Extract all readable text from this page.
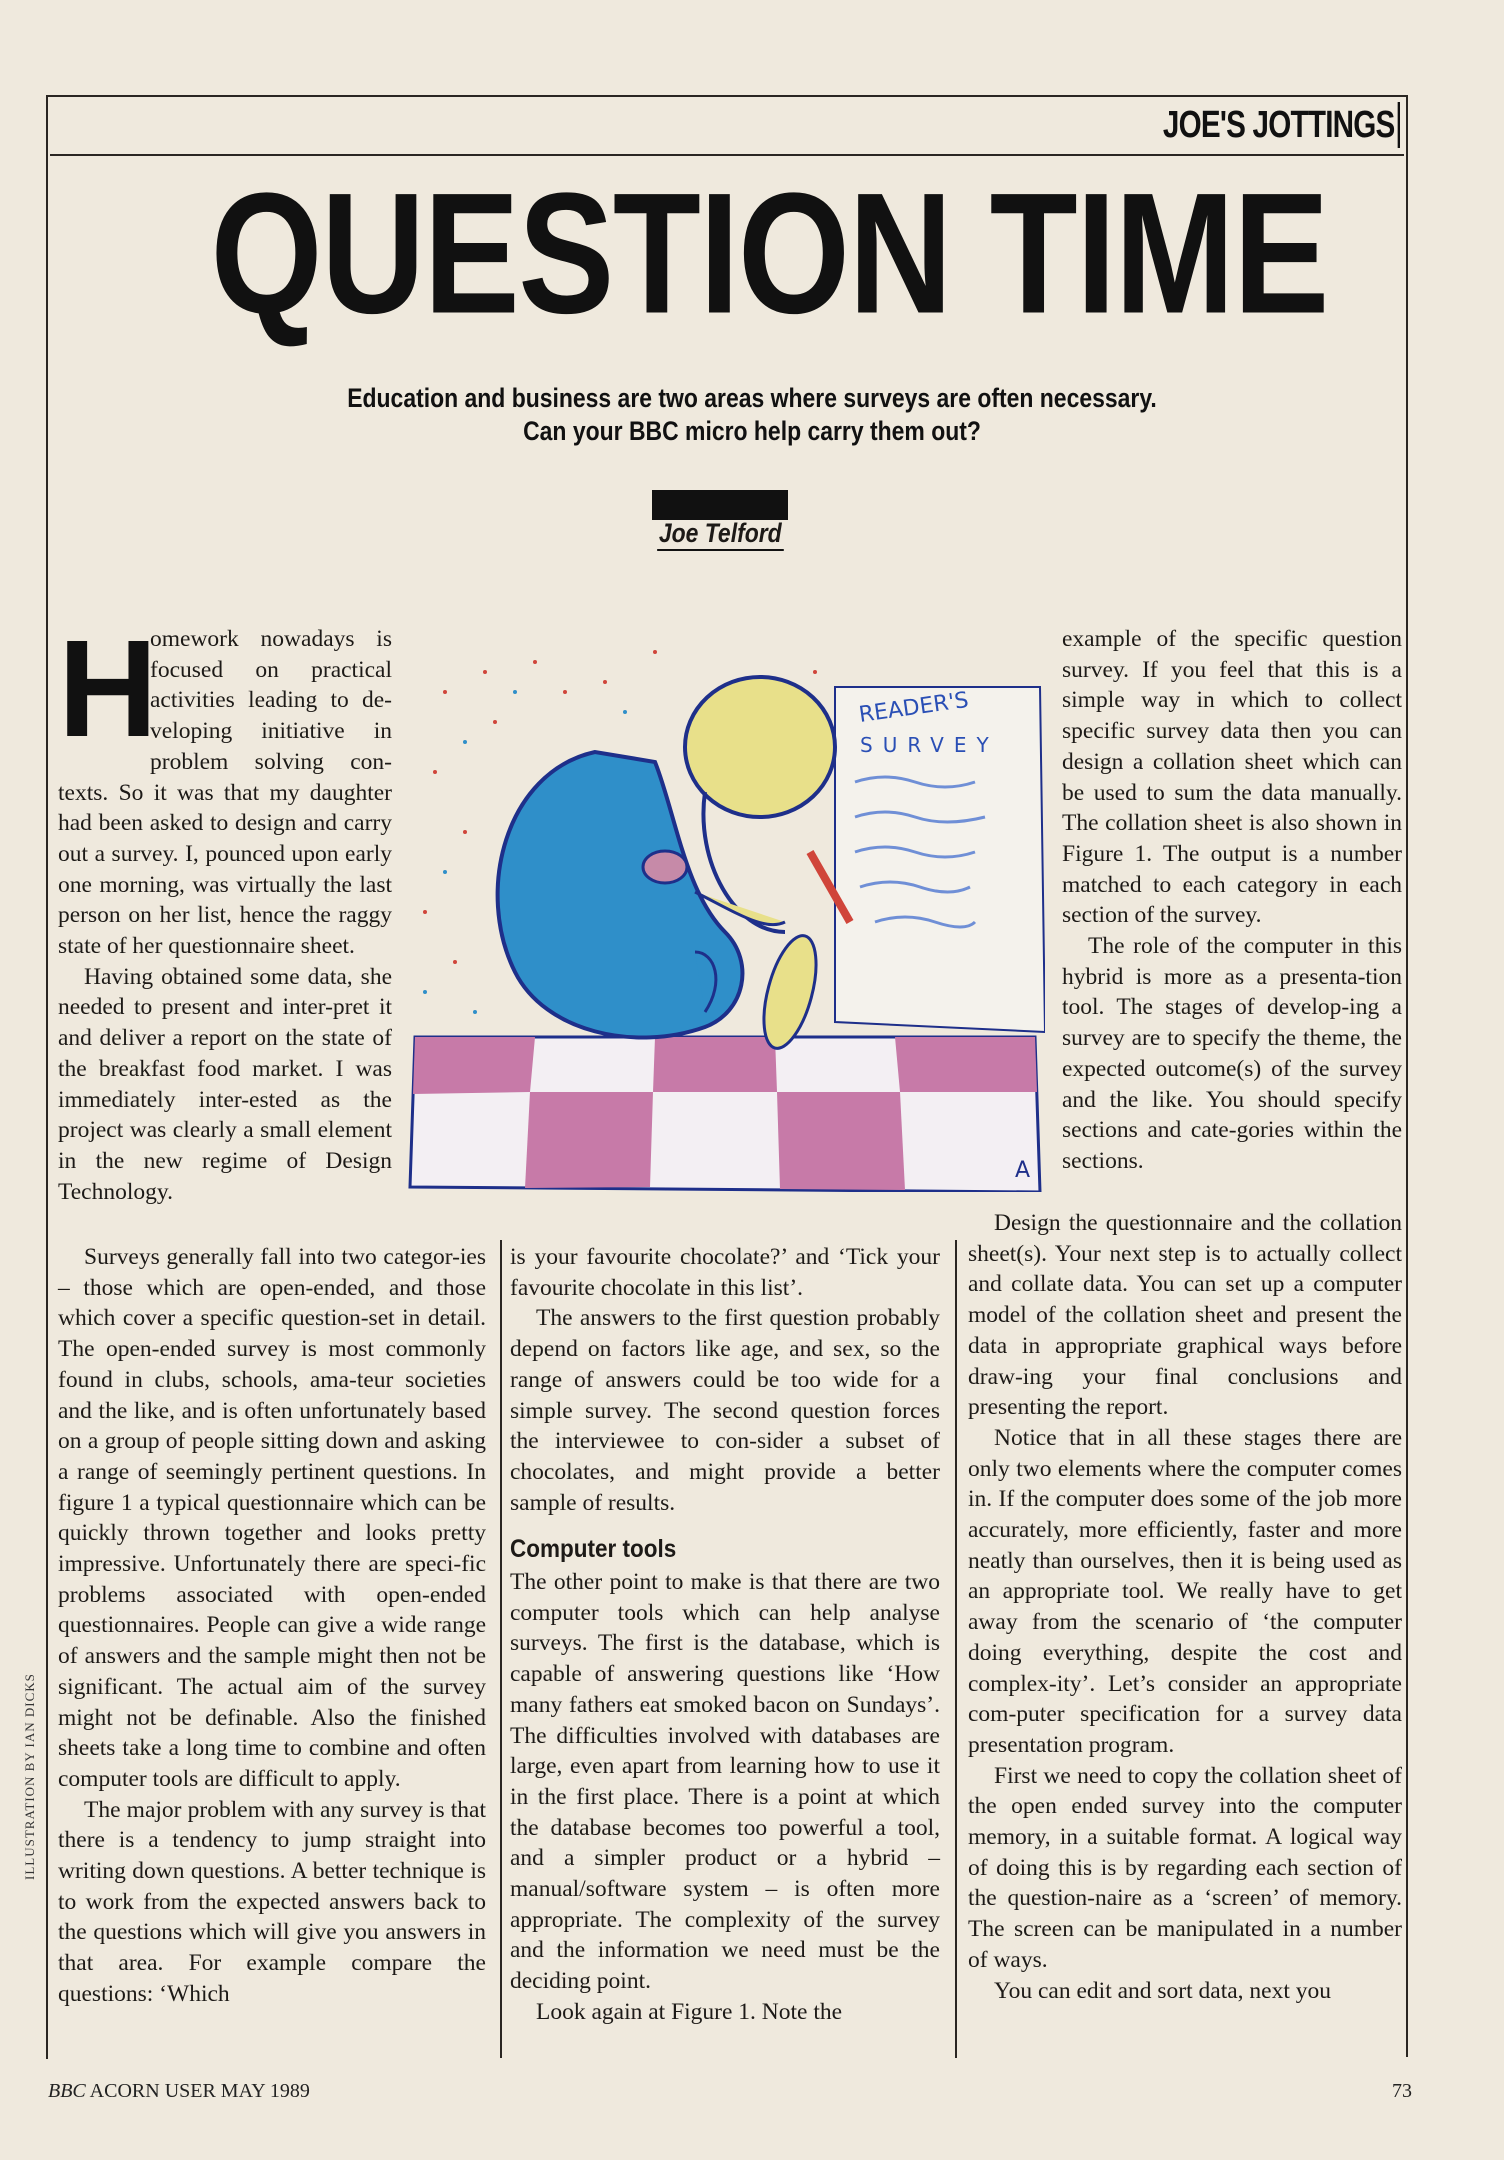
JOE'S JOTTINGS
QUESTION TIME
Education and business are two areas where surveys are often necessary.
Can your BBC micro help carry them out?
Joe Telford
H

omework nowadays is focused on practical activities leading to de-veloping initiative in problem solving con-texts. So it was that my daughter had been asked to design and carry out a survey. I, pounced upon early one morning, was virtually the last person on her list, hence the raggy state of her questionnaire sheet.

Having obtained some data, she needed to present and inter-pret it and deliver a report on the state of the breakfast food market. I was immediately inter-ested as the project was clearly a small element in the new regime of Design Technology.

Surveys generally fall into two categor-ies – those which are open-ended, and those which cover a specific question-set in detail. The open-ended survey is most commonly found in clubs, schools, ama-teur societies and the like, and is often unfortunately based on a group of people sitting down and asking a range of seemingly pertinent questions. In figure 1 a typical questionnaire which can be quickly thrown together and looks pretty impressive. Unfortunately there are speci-fic problems associated with open-ended questionnaires. People can give a wide range of answers and the sample might then not be significant. The actual aim of the survey might not be definable. Also the finished sheets take a long time to combine and often computer tools are difficult to apply.

The major problem with any survey is that there is a tendency to jump straight into writing down questions. A better technique is to work from the expected answers back to the questions which will give you answers in that area. For example compare the questions: ‘Which

is your favourite chocolate?’ and ‘Tick your favourite chocolate in this list’.

The answers to the first question probably depend on factors like age, and sex, so the range of answers could be too wide for a simple survey. The second question forces the interviewee to con-sider a subset of chocolates, and might provide a better sample of results.

Computer tools

The other point to make is that there are two computer tools which can help analyse surveys. The first is the database, which is capable of answering questions like ‘How many fathers eat smoked bacon on Sundays’. The difficulties involved with databases are large, even apart from learning how to use it in the first place. There is a point at which the database becomes too powerful a tool, and a simpler product or a hybrid – manual/software system – is often more appropriate. The complexity of the survey and the information we need must be the deciding point.

Look again at Figure 1. Note the

example of the specific question survey. If you feel that this is a simple way in which to collect specific survey data then you can design a collation sheet which can be used to sum the data manually. The collation sheet is also shown in Figure 1. The output is a number matched to each category in each section of the survey.

The role of the computer in this hybrid is more as a presenta-tion tool. The stages of develop-ing a survey are to specify the theme, the expected outcome(s) of the survey and the like. You should specify sections and cate-gories within the sections.

Design the questionnaire and the collation sheet(s). Your next step is to actually collect and collate data. You can set up a computer model of the collation sheet and present the data in appropriate graphical ways before draw-ing your final conclusions and presenting the report.

Notice that in all these stages there are only two elements where the computer comes in. If the computer does some of the job more accurately, more efficiently, faster and more neatly than ourselves, then it is being used as an appropriate tool. We really have to get away from the scenario of ‘the computer doing everything, despite the cost and complex-ity’. Let’s consider an appropriate com-puter specification for a survey data presentation program.

First we need to copy the collation sheet of the open ended survey into the computer memory, in a suitable format. A logical way of doing this is by regarding each section of the question-naire as a ‘screen’ of memory. The screen can be manipulated in a number of ways.

You can edit and sort data, next you

READER'S
SURVEY
A
ILLUSTRATION BY IAN DICKS
BBC ACORN USER MAY 1989	73
